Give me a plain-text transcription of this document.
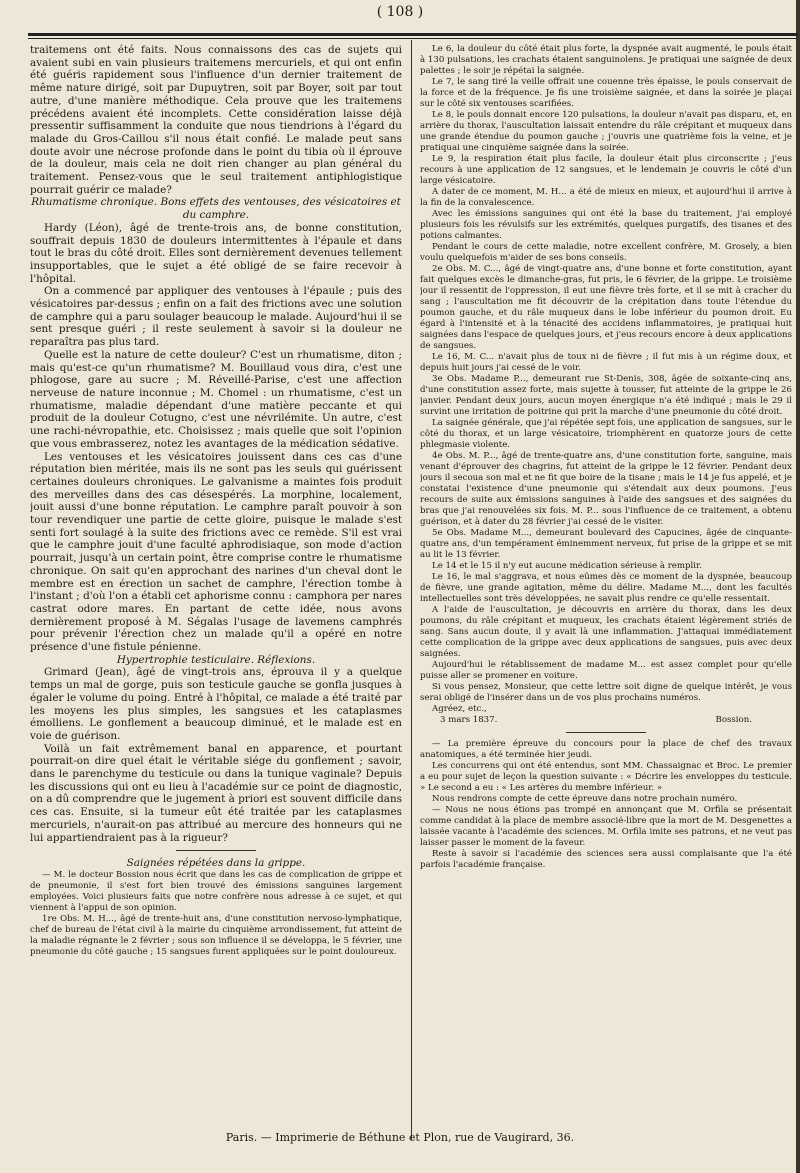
( 108 )

traitemens ont été faits. Nous connaissons des cas de sujets qui avaient subi en vain plusieurs traitemens mercuriels, et qui ont enfin été guéris rapidement sous l'influence d'un dernier traitement de même nature dirigé, soit par Dupuytren, soit par Boyer, soit par tout autre, d'une manière méthodique. Cela prouve que les traitemens précédens avaient été incomplets. Cette considération laisse déjà pressentir suffisamment la conduite que nous tiendrions à l'égard du malade du Gros-Caillou s'il nous était confié. Le malade peut sans doute avoir une nécrose profonde dans le point du tibia où il éprouve de la douleur, mais cela ne doit rien changer au plan général du traitement. Pensez-vous que le seul traitement antiphlogistique pourrait guérir ce malade?

Rhumatisme chronique. Bons effets des ventouses, des vésicatoires et du camphre.

Hardy (Léon), âgé de trente-trois ans, de bonne constitution, souffrait depuis 1830 de douleurs intermittentes à l'épaule et dans tout le bras du côté droit. Elles sont dernièrement devenues tellement insupportables, que le sujet a été obligé de se faire recevoir à l'hôpital.

On a commencé par appliquer des ventouses à l'épaule ; puis des vésicatoires par-dessus ; enfin on a fait des frictions avec une solution de camphre qui a paru soulager beaucoup le malade. Aujourd'hui il se sent presque guéri ; il reste seulement à savoir si la douleur ne reparaîtra pas plus tard.

Quelle est la nature de cette douleur? C'est un rhumatisme, diton ; mais qu'est-ce qu'un rhumatisme? M. Bouillaud vous dira, c'est une phlogose, gare au sucre ; M. Réveillé-Parise, c'est une affection nerveuse de nature inconnue ; M. Chomel : un rhumatisme, c'est un rhumatisme, maladie dépendant d'une matière peccante et qui produit de la douleur Cotugno, c'est une névrilémite. Un autre, c'est une rachi-névropathie, etc. Choisissez ; mais quelle que soit l'opinion que vous embrasserez, notez les avantages de la médication sédative.

Les ventouses et les vésicatoires jouissent dans ces cas d'une réputation bien méritée, mais ils ne sont pas les seuls qui guérissent certaines douleurs chroniques. Le galvanisme a maintes fois produit des merveilles dans des cas désespérés. La morphine, localement, jouit aussi d'une bonne réputation. Le camphre paraît pouvoir à son tour revendiquer une partie de cette gloire, puisque le malade s'est senti fort soulagé à la suite des frictions avec ce remède. S'il est vrai que le camphre jouit d'une faculté aphrodisiaque, son mode d'action pourrait, jusqu'à un certain point, être comprise contre le rhumatisme chronique. On sait qu'en approchant des narines d'un cheval dont le membre est en érection un sachet de camphre, l'érection tombe à l'instant ; d'où l'on a établi cet aphorisme connu : camphora per nares castrat odore mares. En partant de cette idée, nous avons dernièrement proposé à M. Ségalas l'usage de lavemens camphrés pour prévenir l'érection chez un malade qu'il a opéré en notre présence d'une fistule pénienne.

Hypertrophie testiculaire. Réflexions.

Grimard (Jean), âgé de vingt-trois ans, éprouva il y a quelque temps un mal de gorge, puis son testicule gauche se gonfla jusques à égaler le volume du poing. Entré à l'hôpital, ce malade a été traité par les moyens les plus simples, les sangsues et les cataplasmes émolliens. Le gonflement a beaucoup diminué, et le malade est en voie de guérison.

Voilà un fait extrêmement banal en apparence, et pourtant pourrait-on dire quel était le véritable siége du gonflement ; savoir, dans le parenchyme du testicule ou dans la tunique vaginale? Depuis les discussions qui ont eu lieu à l'académie sur ce point de diagnostic, on a dû comprendre que le jugement à priori est souvent difficile dans ces cas. Ensuite, si la tumeur eût été traitée par les cataplasmes mercuriels, n'aurait-on pas attribué au mercure des honneurs qui ne lui appartiendraient pas à la rigueur?

Saignées répétées dans la grippe.

— M. le docteur Bossion nous écrit que dans les cas de complication de grippe et de pneumonie, il s'est fort bien trouvé des émissions sanguines largement employées. Voici plusieurs faits que notre confrère nous adresse à ce sujet, et qui viennent à l'appui de son opinion.

1re Obs. M. H..., âgé de trente-huit ans, d'une constitution nervoso-lymphatique, chef de bureau de l'état civil à la mairie du cinquième arrondissement, fut atteint de la maladie régnante le 2 février ; sous son influence il se développa, le 5 février, une pneumonie du côté gauche ; 15 sangsues furent appliquées sur le point douloureux.

Le 6, la douleur du côté était plus forte, la dyspnée avait augmenté, le pouls était à 130 pulsations, les crachats étaient sanguinolens. Je pratiquai une saignée de deux palettes ; le soir je répétai la saignée.

Le 7, le sang tiré la veille offrait une couenne très épaisse, le pouls conservait de la force et de la fréquence. Je fis une troisième saignée, et dans la soirée je plaçai sur le côté six ventouses scarifiées.

Le 8, le pouls donnait encore 120 pulsations, la douleur n'avait pas disparu, et, en arrière du thorax, l'auscultation laissait entendre du râle crépitant et muqueux dans une grande étendue du poumon gauche ; j'ouvris une quatrième fois la veine, et je pratiquai une cinquième saignée dans la soirée.

Le 9, la respiration était plus facile, la douleur était plus circonscrite ; j'eus recours à une application de 12 sangsues, et le lendemain je couvris le côté d'un large vésicatoire.

A dater de ce moment, M. H... a été de mieux en mieux, et aujourd'hui il arrive à la fin de la convalescence.

Avec les émissions sanguines qui ont été la base du traitement, j'ai employé plusieurs fois les révulsifs sur les extrémités, quelques purgatifs, des tisanes et des potions calmantes.

Pendant le cours de cette maladie, notre excellent confrère, M. Grosely, a bien voulu quelquefois m'aider de ses bons conseils.

2e Obs. M. C..., âgé de vingt-quatre ans, d'une bonne et forte constitution, ayant fait quelques excès le dimanche-gras, fut pris, le 6 février, de la grippe. Le troisième jour il ressentit de l'oppression, il eut une fièvre très forte, et il se mit à cracher du sang ; l'auscultation me fit découvrir de la crépitation dans toute l'étendue du poumon gauche, et du râle muqueux dans le lobe inférieur du poumon droit. Eu égard à l'intensité et à la ténacité des accidens inflammatoires, je pratiquai huit saignées dans l'espace de quelques jours, et j'eus recours encore à deux applications de sangsues.

Le 16, M. C... n'avait plus de toux ni de fièvre ; il fut mis à un régime doux, et depuis huit jours j'ai cessé de le voir.

3e Obs. Madame P..., demeurant rue St-Denis, 308, âgée de soixante-cinq ans, d'une constitution assez forte, mais sujette à tousser, fut atteinte de la grippe le 26 janvier. Pendant deux jours, aucun moyen énergique n'a été indiqué ; mais le 29 il survint une irritation de poitrine qui prit la marche d'une pneumonie du côté droit.

La saignée générale, que j'ai répétée sept fois, une application de sangsues, sur le côté du thorax, et un large vésicatoire, triomphèrent en quatorze jours de cette phlegmasie violente.

4e Obs. M. P..., âgé de trente-quatre ans, d'une constitution forte, sanguine, mais venant d'éprouver des chagrins, fut atteint de la grippe le 12 février. Pendant deux jours il secoua son mal et ne fit que boire de la tisane ; mais le 14 je fus appelé, et je constatai l'existence d'une pneumonie qui s'étendait aux deux poumons. J'eus recours de suite aux émissions sanguines à l'aide des sangsues et des saignées du bras que j'ai renouvelées six fois. M. P... sous l'influence de ce traitement, a obtenu guérison, et à dater du 28 février j'ai cessé de le visiter.

5e Obs. Madame M..., demeurant boulevard des Capucines, âgée de cinquante-quatre ans, d'un tempérament éminemment nerveux, fut prise de la grippe et se mit au lit le 13 février.

Le 14 et le 15 il n'y eut aucune médication sérieuse à remplir.

Le 16, le mal s'aggrava, et nous eûmes dès ce moment de la dyspnée, beaucoup de fièvre, une grande agitation, même du délire. Madame M..., dont les facultés intellectuelles sont très développées, ne savait plus rendre ce qu'elle ressentait.

A l'aide de l'auscultation, je découvris en arrière du thorax, dans les deux poumons, du râle crépitant et muqueux, les crachats étaient légèrement striés de sang. Sans aucun doute, il y avait là une inflammation. J'attaquai immédiatement cette complication de la grippe avec deux applications de sangsues, puis avec deux saignées.

Aujourd'hui le rétablissement de madame M... est assez complet pour qu'elle puisse aller se promener en voiture.

Si vous pensez, Monsieur, que cette lettre soit digne de quelque intérêt, je vous serai obligé de l'insérer dans un de vos plus prochains numéros.

Agréez, etc.,

3 mars 1837.	Bossion.

— La première épreuve du concours pour la place de chef des travaux anatomiques, a été terminée hier jeudi.

Les concurrens qui ont été entendus, sont MM. Chassaignac et Broc. Le premier a eu pour sujet de leçon la question suivante : « Décrire les enveloppes du testicule. » Le second a eu : « Les artères du membre inférieur. »

Nous rendrons compte de cette épreuve dans notre prochain numéro.

— Nous ne nous étions pas trompé en annonçant que M. Orfila se présentait comme candidat à la place de membre associé-libre que la mort de M. Desgenettes a laissée vacante à l'académie des sciences. M. Orfila imite ses patrons, et ne veut pas laisser passer le moment de la faveur.

Reste à savoir si l'académie des sciences sera aussi complaisante que l'a été parfois l'académie française.

Paris. — Imprimerie de Béthune et Plon, rue de Vaugirard, 36.
